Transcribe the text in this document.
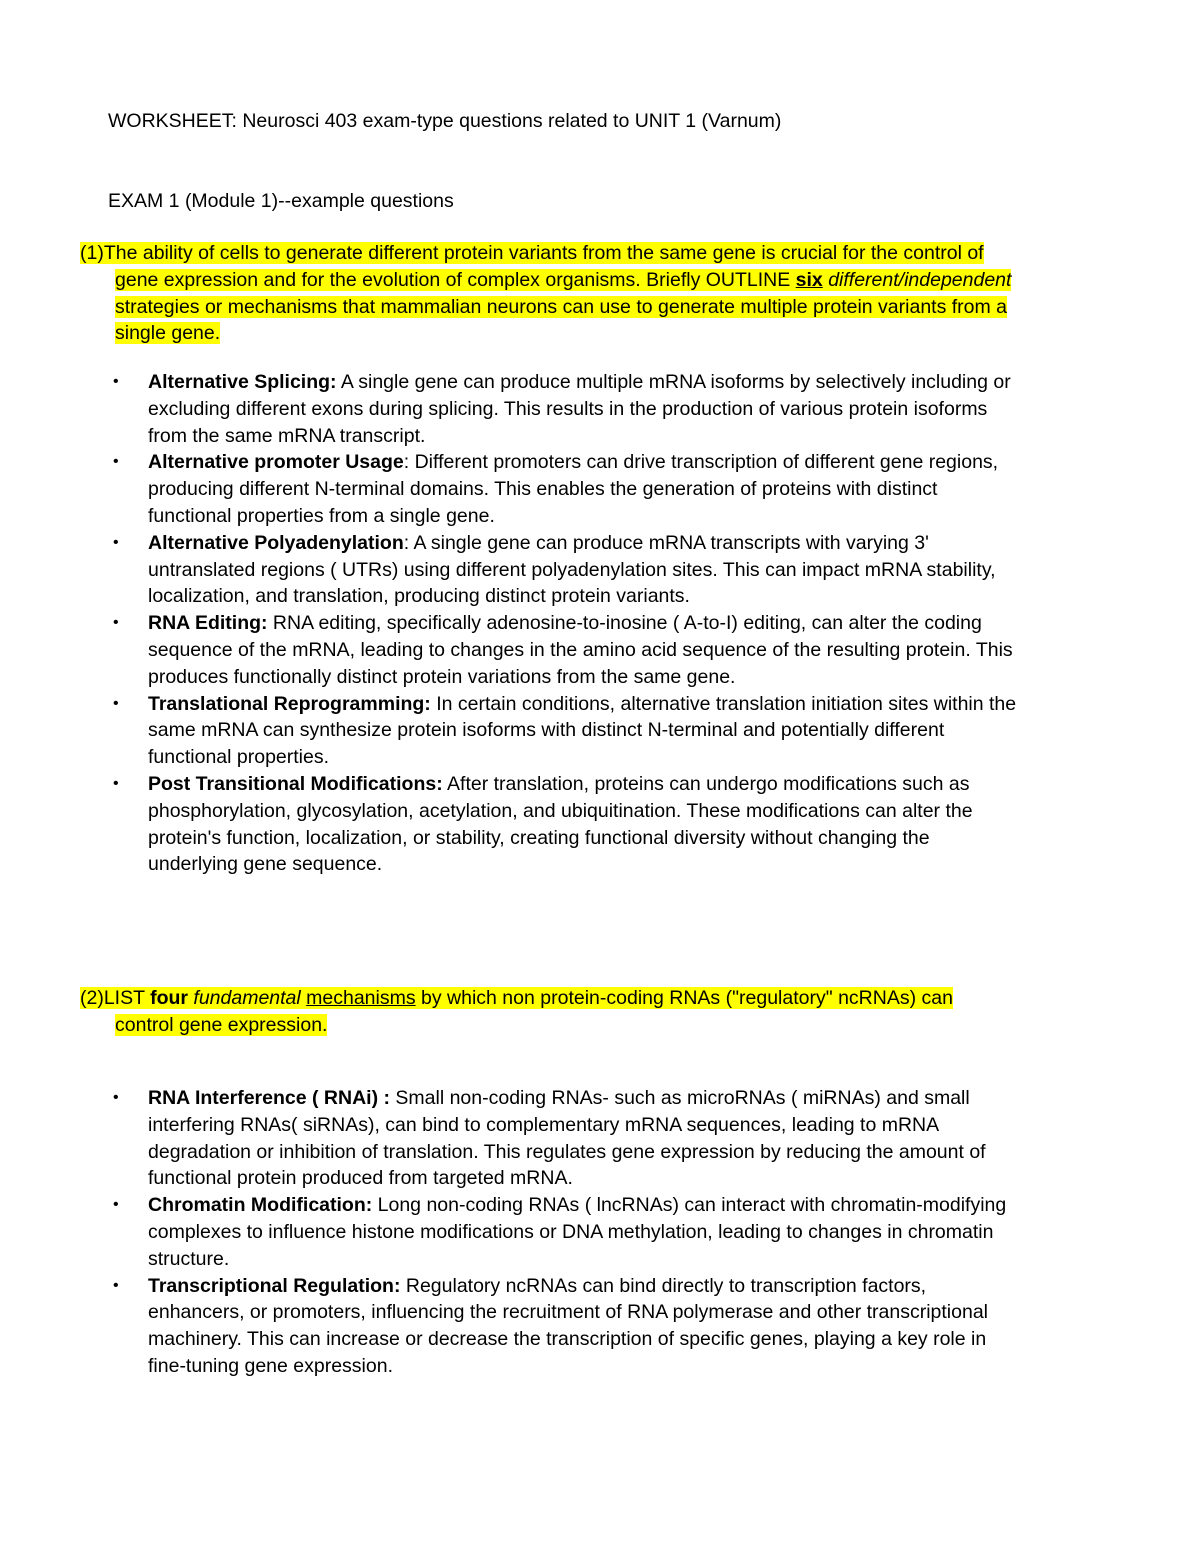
WORKSHEET: Neurosci 403 exam-type questions related to UNIT 1 (Varnum)
EXAM 1 (Module 1)--example questions
(1)The ability of cells to generate different protein variants from the same gene is crucial for the control of
gene expression and for the evolution of complex organisms. Briefly OUTLINE six different/independent
strategies or mechanisms that mammalian neurons can use to generate multiple protein variants from a
single gene.
• Alternative Splicing: A single gene can produce multiple mRNA isoforms by selectively including or
excluding different exons during splicing. This results in the production of various protein isoforms
from the same mRNA transcript.
• Alternative promoter Usage: Different promoters can drive transcription of different gene regions,
producing different N-terminal domains. This enables the generation of proteins with distinct
functional properties from a single gene.
• Alternative Polyadenylation: A single gene can produce mRNA transcripts with varying 3'
untranslated regions ( UTRs) using different polyadenylation sites. This can impact mRNA stability,
localization, and translation, producing distinct protein variants.
• RNA Editing: RNA editing, specifically adenosine-to-inosine ( A-to-I) editing, can alter the coding
sequence of the mRNA, leading to changes in the amino acid sequence of the resulting protein. This
produces functionally distinct protein variations from the same gene.
• Translational Reprogramming: In certain conditions, alternative translation initiation sites within the
same mRNA can synthesize protein isoforms with distinct N-terminal and potentially different
functional properties.
• Post Transitional Modifications: After translation, proteins can undergo modifications such as
phosphorylation, glycosylation, acetylation, and ubiquitination. These modifications can alter the
protein's function, localization, or stability, creating functional diversity without changing the
underlying gene sequence.
(2)LIST four fundamental mechanisms by which non protein-coding RNAs ("regulatory" ncRNAs) can
control gene expression.
• RNA Interference ( RNAi) : Small non-coding RNAs- such as microRNAs ( miRNAs) and small
interfering RNAs( siRNAs), can bind to complementary mRNA sequences, leading to mRNA
degradation or inhibition of translation. This regulates gene expression by reducing the amount of
functional protein produced from targeted mRNA.
• Chromatin Modification: Long non-coding RNAs ( lncRNAs) can interact with chromatin-modifying
complexes to influence histone modifications or DNA methylation, leading to changes in chromatin
structure.
• Transcriptional Regulation: Regulatory ncRNAs can bind directly to transcription factors,
enhancers, or promoters, influencing the recruitment of RNA polymerase and other transcriptional
machinery. This can increase or decrease the transcription of specific genes, playing a key role in
fine-tuning gene expression.
